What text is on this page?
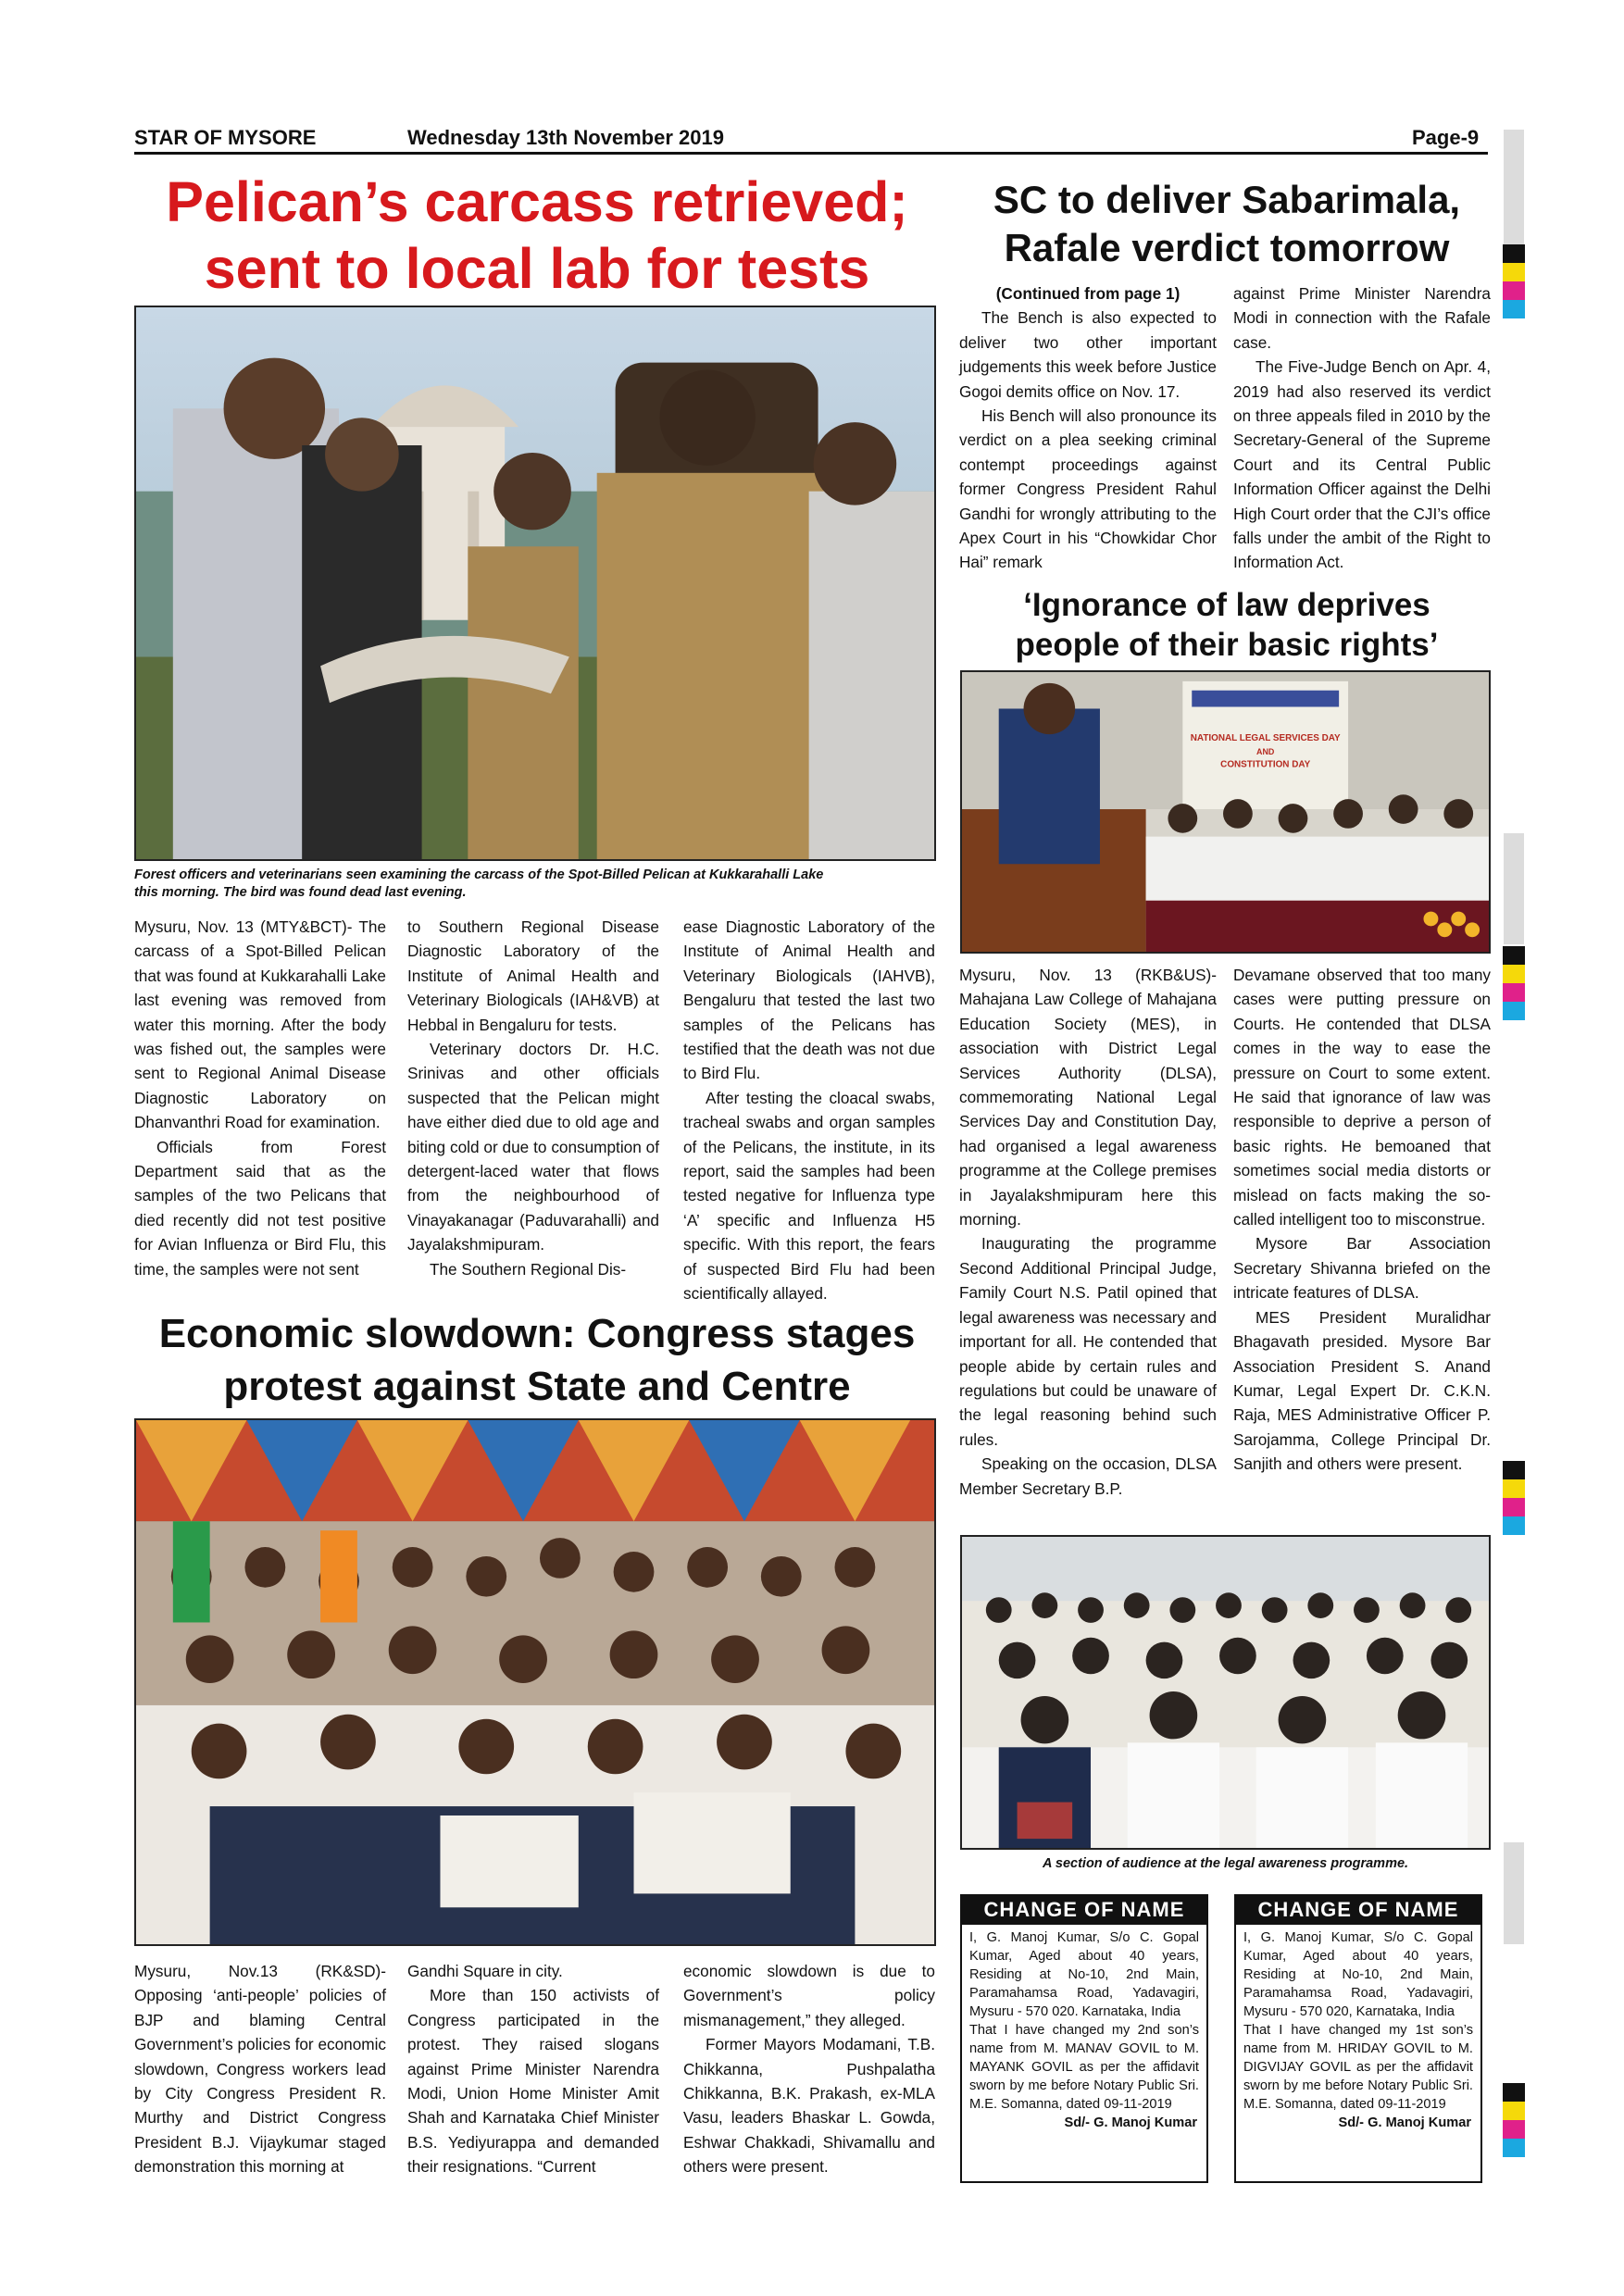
STAR OF MYSORE	Wednesday 13th November 2019	Page-9
Pelican’s carcass retrieved;
sent to local lab for tests
Forest officers and veterinarians seen examining the carcass of the Spot-Billed Pelican at Kukkarahalli Lake
this morning. The bird was found dead last evening.

Mysuru, Nov. 13 (MTY&BCT)- The carcass of a Spot-Billed Pelican that was found at Kukkarahalli Lake last evening was removed from water this morning. After the body was fished out, the samples were sent to Regional Animal Disease Diagnostic Laboratory on Dhanvanthri Road for examination.

Officials from Forest Department said that as the samples of the two Pelicans that died recently did not test positive for Avian Influenza or Bird Flu, this time, the samples were not sent

to Southern Regional Disease Diagnostic Laboratory of the Institute of Animal Health and Veterinary Biologicals (IAH&VB) at Hebbal in Bengaluru for tests.

Veterinary doctors Dr. H.C. Srinivas and other officials suspected that the Pelican might have either died due to old age and biting cold or due to consumption of detergent-laced water that flows from the neighbourhood of Vinayakanagar (Paduvarahalli) and Jayalakshmipuram.

The Southern Regional Dis-

ease Diagnostic Laboratory of the Institute of Animal Health and Veterinary Biologicals (IAHVB), Bengaluru that tested the last two samples of the Pelicans has testified that the death was not due to Bird Flu.

After testing the cloacal swabs, tracheal swabs and organ samples of the Pelicans, the institute, in its report, said the samples had been tested negative for Influenza type ‘A’ specific and Influenza H5 specific. With this report, the fears of suspected Bird Flu had been scientifically allayed.

Economic slowdown: Congress stages
protest against State and Centre

Mysuru, Nov.13 (RK&SD)- Opposing ‘anti-people’ policies of BJP and blaming Central Government’s policies for economic slowdown, Congress workers lead by City Congress President R. Murthy and District Congress President B.J. Vijaykumar staged demonstration this morning at

Gandhi Square in city.

More than 150 activists of Congress participated in the protest. They raised slogans against Prime Minister Narendra Modi, Union Home Minister Amit Shah and Karnataka Chief Minister B.S. Yediyurappa and demanded their resignations. “Current

economic slowdown is due to Government’s policy mismanagement,” they alleged.

Former Mayors Modamani, T.B. Chikkanna, Pushpalatha Chikkanna, B.K. Prakash, ex-MLA Vasu, leaders Bhaskar L. Gowda, Eshwar Chakkadi, Shivamallu and others were present.

SC to deliver Sabarimala,
Rafale verdict tomorrow
(Continued from page 1)

The Bench is also expected to deliver two other important judgements this week before Justice Gogoi demits office on Nov. 17.

His Bench will also pronounce its verdict on a plea seeking criminal contempt proceedings against former Congress President Rahul Gandhi for wrongly attributing to the Apex Court in his “Chowkidar Chor Hai” remark

against Prime Minister Narendra Modi in connection with the Rafale case.

The Five-Judge Bench on Apr. 4, 2019 had also reserved its verdict on three appeals filed in 2010 by the Secretary-General of the Supreme Court and its Central Public Information Officer against the Delhi High Court order that the CJI’s office falls under the ambit of the Right to Information Act.

‘Ignorance of law deprives
people of their basic rights’
NATIONAL LEGAL SERVICES DAY
AND
CONSTITUTION DAY

Mysuru, Nov. 13 (RKB&US)- Mahajana Law College of Mahajana Education Society (MES), in association with District Legal Services Authority (DLSA), commemorating National Legal Services Day and Constitution Day, had organised a legal awareness programme at the College premises in Jayalakshmipuram here this morning.

Inaugurating the programme Second Additional Principal Judge, Family Court N.S. Patil opined that legal awareness was necessary and important for all. He contended that people abide by certain rules and regulations but could be unaware of the legal reasoning behind such rules.

Speaking on the occasion, DLSA Member Secretary B.P.

Devamane observed that too many cases were putting pressure on Courts. He contended that DLSA comes in the way to ease the pressure on Court to some extent. He said that ignorance of law was responsible to deprive a person of basic rights. He bemoaned that sometimes social media distorts or mislead on facts making the so-called intelligent too to misconstrue.

Mysore Bar Association Secretary Shivanna briefed on the intricate features of DLSA.

MES President Muralidhar Bhagavath presided. Mysore Bar Association President S. Anand Kumar, Legal Expert Dr. C.K.N. Raja, MES Administrative Officer P. Sarojamma, College Principal Dr. Sanjith and others were present.

A section of audience at the legal awareness programme.
CHANGE OF NAME
I, G. Manoj Kumar, S/o C. Gopal Kumar, Aged about 40 years, Residing at No-10, 2nd Main, Paramahamsa Road, Yadavagiri, Mysuru - 570 020. Karnataka, India
That I have changed my 2nd son’s name from M. MANAV GOVIL to M. MAYANK GOVIL as per the affidavit sworn by me before Notary Public Sri. M.E. Somanna, dated 09-11-2019
Sd/- G. Manoj Kumar
CHANGE OF NAME
I, G. Manoj Kumar, S/o C. Gopal Kumar, Aged about 40 years, Residing at No-10, 2nd Main, Paramahamsa Road, Yadavagiri, Mysuru - 570 020, Karnataka, India
That I have changed my 1st son’s name from M. HRIDAY GOVIL to M. DIGVIJAY GOVIL as per the affidavit sworn by me before Notary Public Sri. M.E. Somanna, dated 09-11-2019
Sd/- G. Manoj Kumar
